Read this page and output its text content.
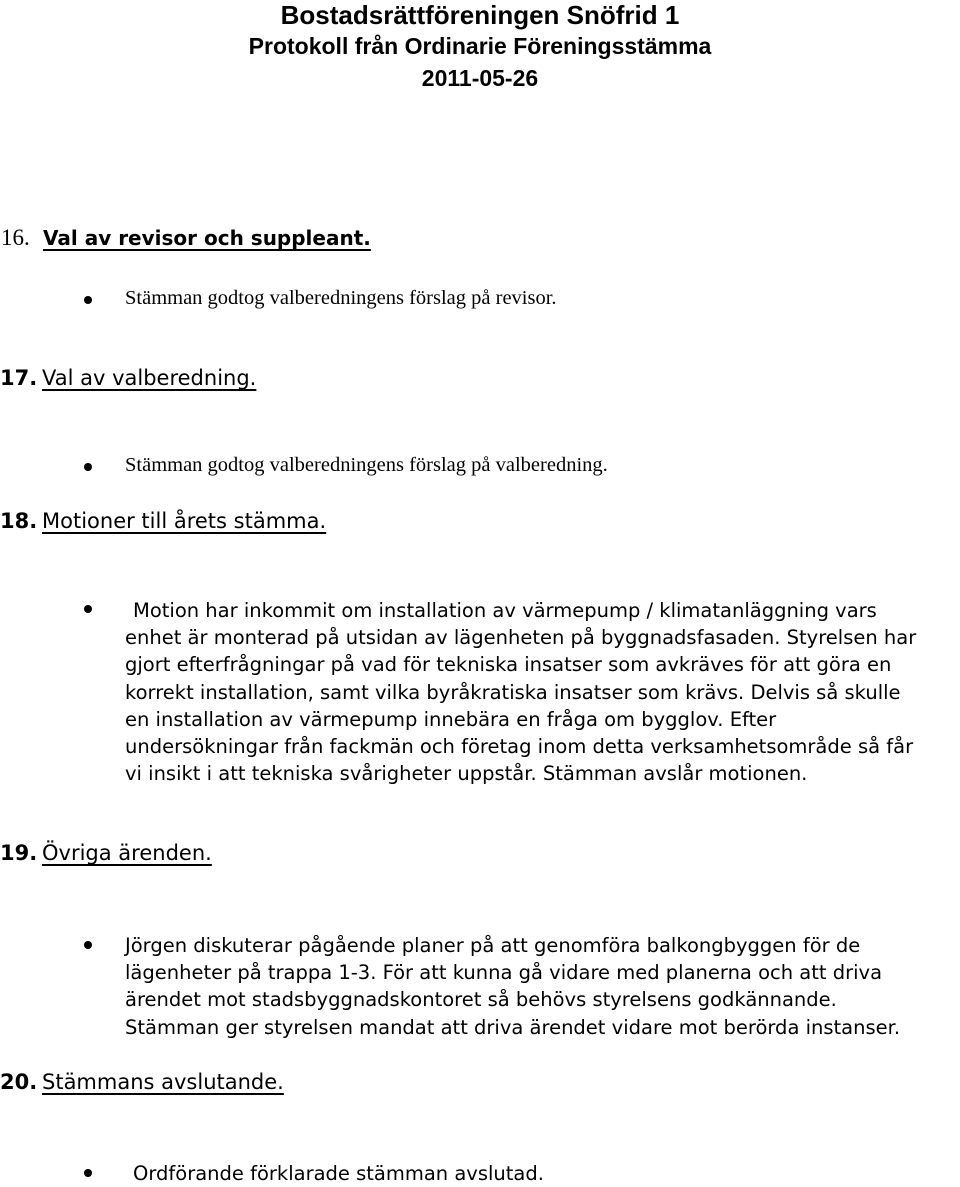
Bostadsrättföreningen Snöfrid 1
Protokoll från Ordinarie Föreningsstämma
2011-05-26
16. Val av revisor och suppleant.
Stämman godtog valberedningens förslag på revisor.
17. Val av valberedning.
Stämman godtog valberedningens förslag på valberedning.
18. Motioner till årets stämma.
Motion har inkommit om installation av värmepump / klimatanläggning vars
enhet är monterad på utsidan av lägenheten på byggnadsfasaden. Styrelsen har
gjort efterfrågningar på vad för tekniska insatser som avkräves för att göra en
korrekt installation, samt vilka byråkratiska insatser som krävs. Delvis så skulle
en installation av värmepump innebära en fråga om bygglov. Efter
undersökningar från fackmän och företag inom detta verksamhetsområde så får
vi insikt i att tekniska svårigheter uppstår. Stämman avslår motionen.
19. Övriga ärenden.
Jörgen diskuterar pågående planer på att genomföra balkongbyggen för de
lägenheter på trappa 1-3. För att kunna gå vidare med planerna och att driva
ärendet mot stadsbyggnadskontoret så behövs styrelsens godkännande.
Stämman ger styrelsen mandat att driva ärendet vidare mot berörda instanser.
20. Stämmans avslutande.
Ordförande förklarade stämman avslutad.
